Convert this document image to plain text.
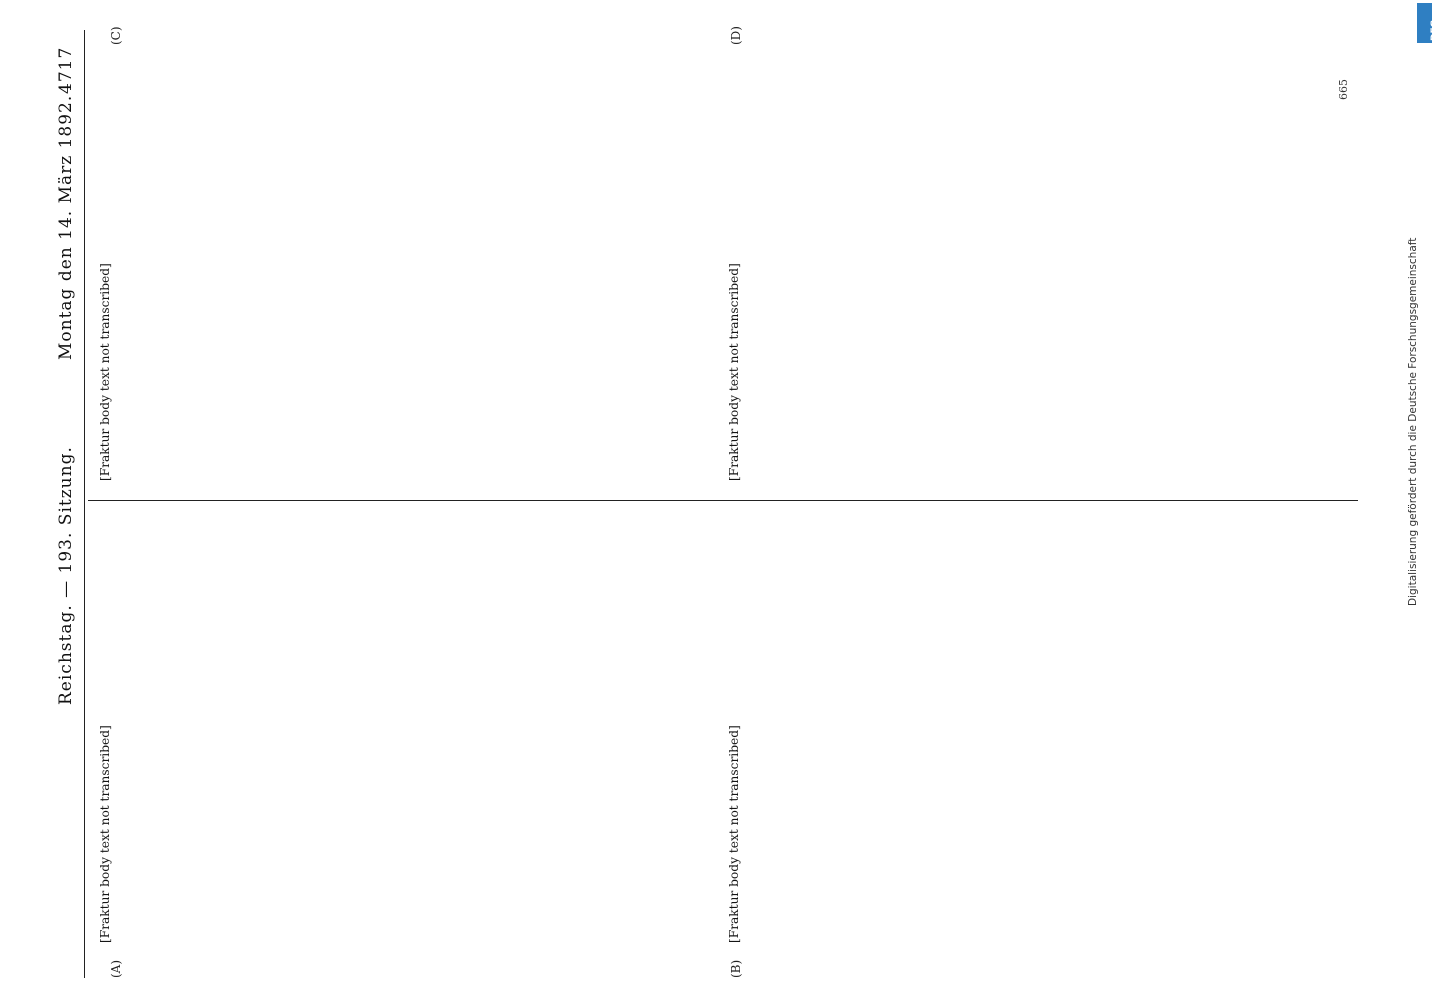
Reichstag. — 193. Sitzung.
Montag den 14. März 1892.
4717
(A)	(B)
(C)	(D)

[Fraktur body text not transcribed]	[Fraktur body text not transcribed]

[Fraktur body text not transcribed]	[Fraktur body text not transcribed]

665
Digitalisierung gefördert durch die Deutsche Forschungsgemeinschaft
DFG
